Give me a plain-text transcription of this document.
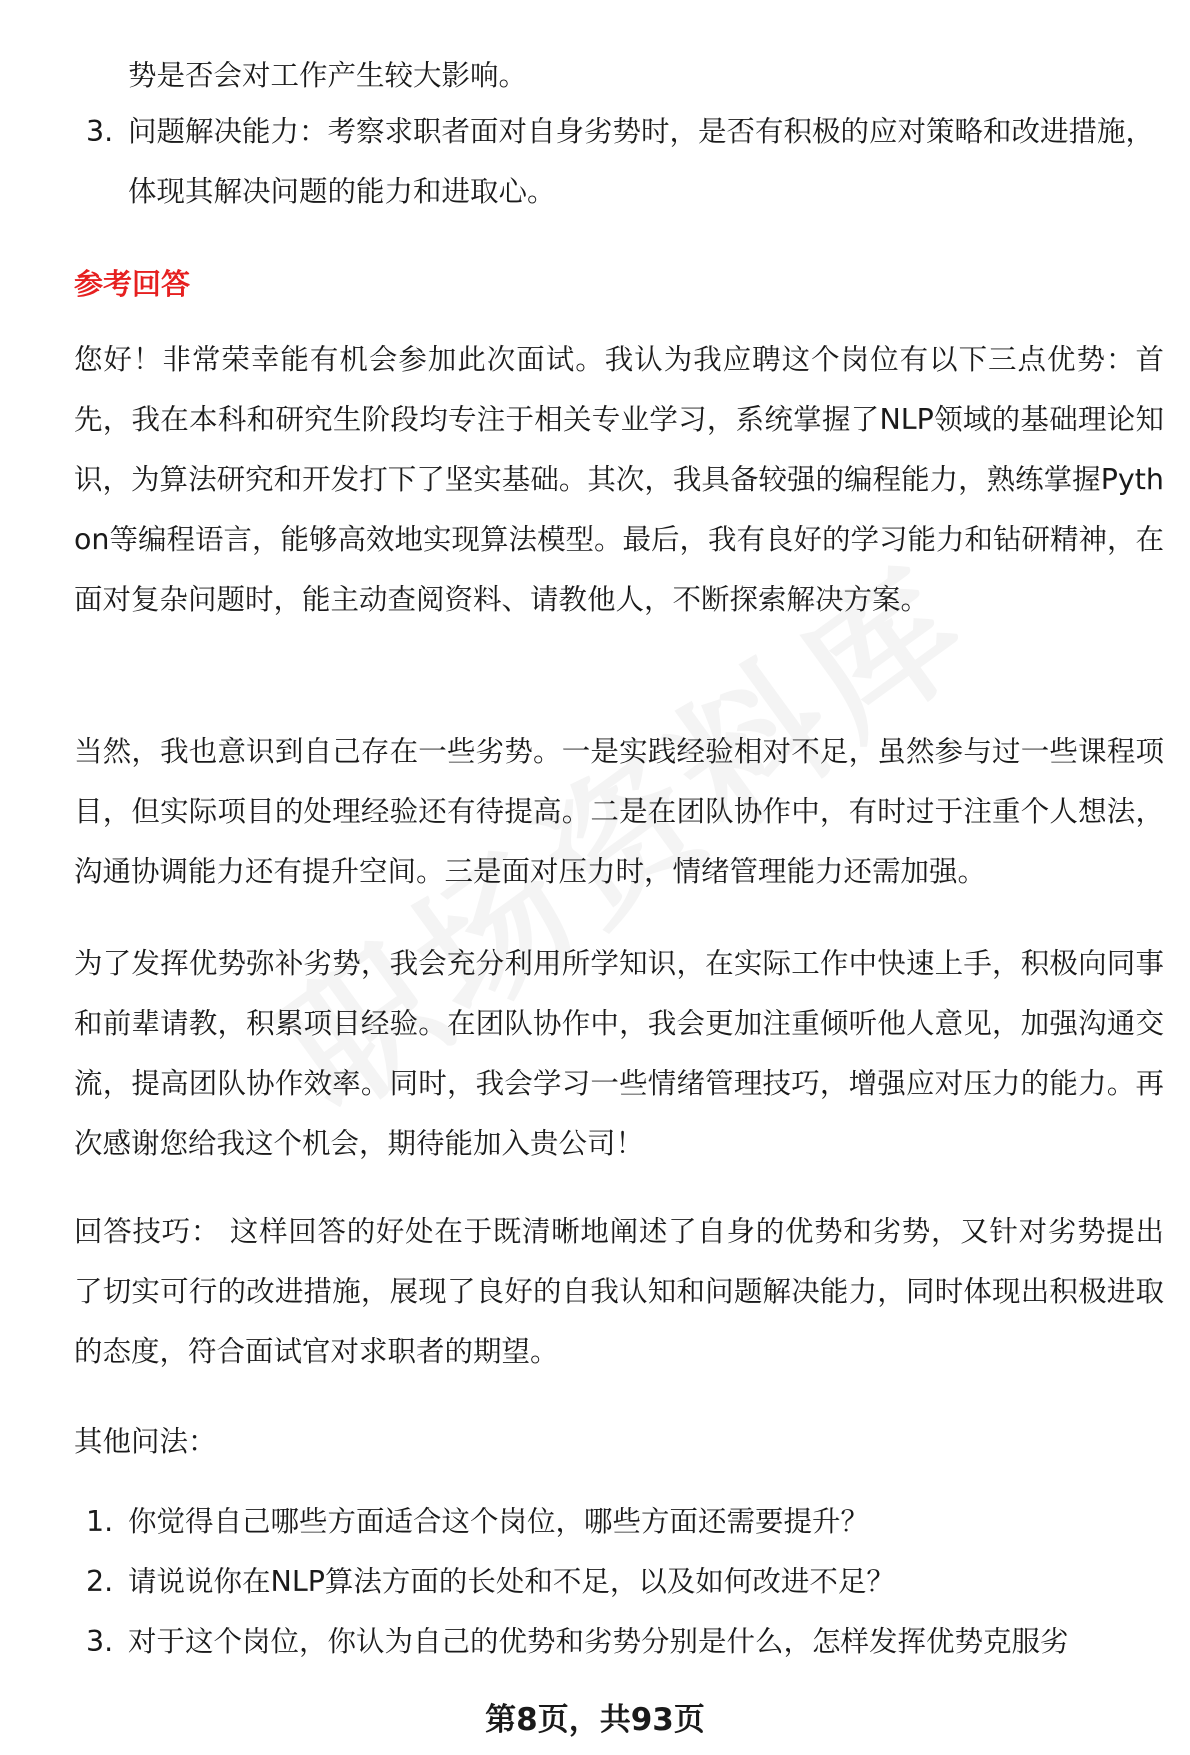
势是否会对工作产生较大影响。
3. 问题解决能力：考察求职者面对自身劣势时，是否有积极的应对策略和改进措施，体现其解决问题的能力和进取心。
参考回答
您好！非常荣幸能有机会参加此次面试。我认为我应聘这个岗位有以下三点优势：首先，我在本科和研究生阶段均专注于相关专业学习，系统掌握了NLP领域的基础理论知识，为算法研究和开发打下了坚实基础。其次，我具备较强的编程能力，熟练掌握Python等编程语言，能够高效地实现算法模型。最后，我有良好的学习能力和钻研精神，在面对复杂问题时，能主动查阅资料、请教他人，不断探索解决方案。
当然，我也意识到自己存在一些劣势。一是实践经验相对不足，虽然参与过一些课程项目，但实际项目的处理经验还有待提高。二是在团队协作中，有时过于注重个人想法，沟通协调能力还有提升空间。三是面对压力时，情绪管理能力还需加强。
为了发挥优势弥补劣势，我会充分利用所学知识，在实际工作中快速上手，积极向同事和前辈请教，积累项目经验。在团队协作中，我会更加注重倾听他人意见，加强沟通交流，提高团队协作效率。同时，我会学习一些情绪管理技巧，增强应对压力的能力。再次感谢您给我这个机会，期待能加入贵公司！
回答技巧： 这样回答的好处在于既清晰地阐述了自身的优势和劣势，又针对劣势提出了切实可行的改进措施，展现了良好的自我认知和问题解决能力，同时体现出积极进取的态度，符合面试官对求职者的期望。
其他问法：
1. 你觉得自己哪些方面适合这个岗位，哪些方面还需要提升？
2. 请说说你在NLP算法方面的长处和不足，以及如何改进不足？
3. 对于这个岗位，你认为自己的优势和劣势分别是什么，怎样发挥优势克服劣
第8页，共93页
